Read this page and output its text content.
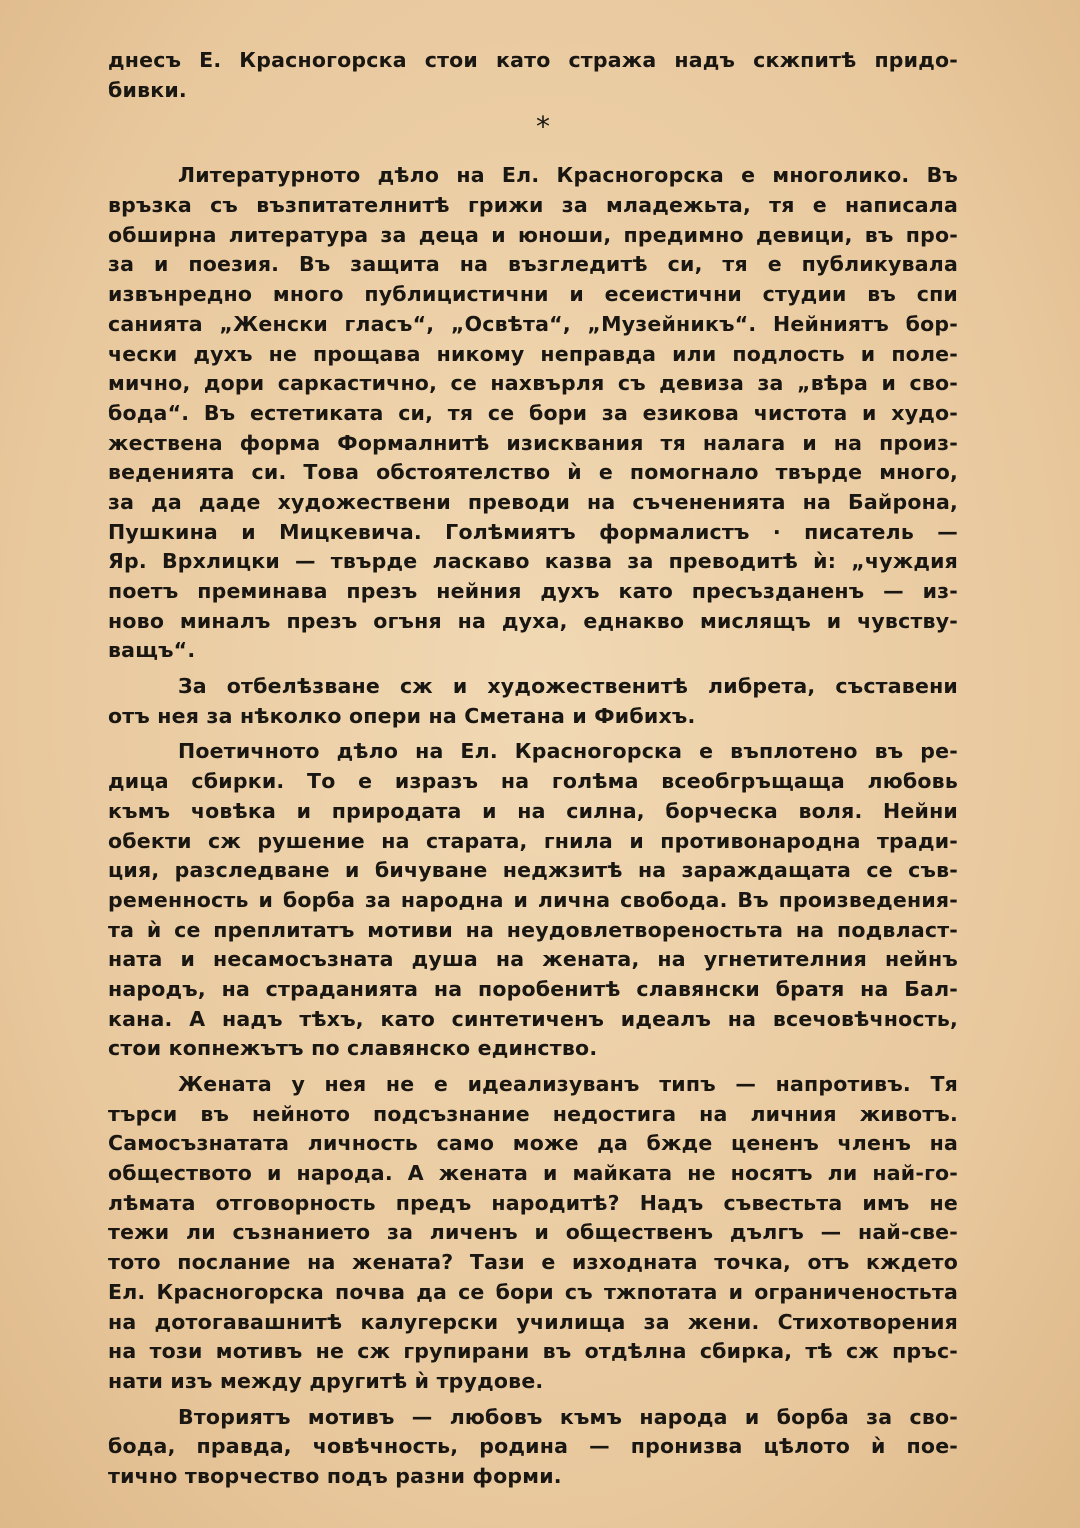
днесъ Е. Красногорска стои като стража надъ скжпитѣ придо-
бивки.
*
Литературното дѣло на Ел. Красногорска е многолико. Въ
връзка съ възпитателнитѣ грижи за младежьта, тя е написала
обширна литература за деца и юноши, предимно девици, въ про-
за и поезия. Въ защита на възгледитѣ си, тя е публикувала
извънредно много публицистични и есеистични студии въ спи
санията „Женски гласъ“, „Освѣта“, „Музейникъ“. Нейниятъ бор-
чески духъ не прощава никому неправда или подлость и поле-
мично, дори саркастично, се нахвърля съ девиза за „вѣра и сво-
бода“. Въ естетиката си, тя се бори за езикова чистота и худо-
жествена форма Формалнитѣ изисквания тя налага и на произ-
веденията си. Това обстоятелство ѝ е помогнало твърде много,
за да даде художествени преводи на съчененията на Байрона,
Пушкина и Мицкевича. Голѣмиятъ формалистъ · писатель —
Яр. Врхлицки — твърде ласкаво казва за преводитѣ ѝ: „чуждия
поетъ преминава презъ нейния духъ като пресъзданенъ — из-
ново миналъ презъ огъня на духа, еднакво мислящъ и чувству-
ващъ“.
За отбелѣзване сж и художественитѣ либрета, съставени
отъ нея за нѣколко опери на Сметана и Фибихъ.
Поетичното дѣло на Ел. Красногорска е въплотено въ ре-
дица сбирки. То е изразъ на голѣма всеобгръщаща любовь
къмъ човѣка и природата и на силна, борческа воля. Нейни
обекти сж рушение на старата, гнила и противонародна тради-
ция, разследване и бичуване неджзитѣ на зараждащата се съв-
ременность и борба за народна и лична свобода. Въ произведения-
та ѝ се преплитатъ мотиви на неудовлетвореностьта на подвласт-
ната и несамосъзната душа на жената, на угнетителния нейнъ
народъ, на страданията на поробенитѣ славянски братя на Бал-
кана. А надъ тѣхъ, като синтетиченъ идеалъ на всечовѣчность,
стои копнежътъ по славянско единство.
Жената у нея не е идеализуванъ типъ — напротивъ. Тя
търси въ нейното подсъзнание недостига на личния животъ.
Самосъзнатата личность само може да бжде цененъ членъ на
обществото и народа. А жената и майката не носятъ ли най-го-
лѣмата отговорность предъ народитѣ? Надъ съвестьта имъ не
тежи ли съзнанието за личенъ и общественъ дългъ — най-све-
тото послание на жената? Тази е изходната точка, отъ кждето
Ел. Красногорска почва да се бори съ тжпотата и ограниченостьта
на дотогавашнитѣ калугерски училища за жени. Стихотворения
на този мотивъ не сж групирани въ отдѣлна сбирка, тѣ сж пръс-
нати изъ между другитѣ ѝ трудове.
Вториятъ мотивъ — любовъ къмъ народа и борба за сво-
бода, правда, човѣчность, родина — пронизва цѣлото ѝ пое-
тично творчество подъ разни форми.
